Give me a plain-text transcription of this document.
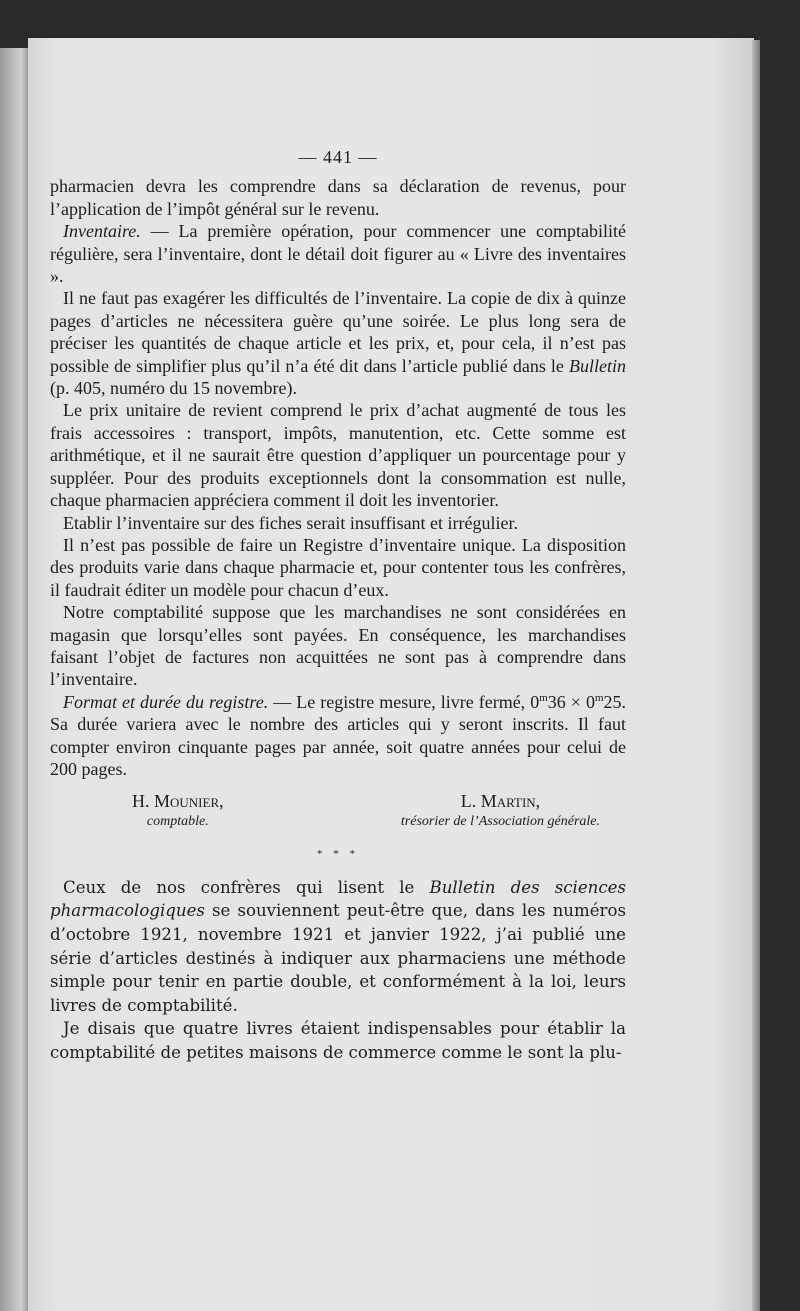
— 441 —

pharmacien devra les comprendre dans sa déclaration de revenus, pour l’application de l’impôt général sur le revenu.

Inventaire. — La première opération, pour commencer une comptabilité régulière, sera l’inventaire, dont le détail doit figurer au « Livre des inventaires ».

Il ne faut pas exagérer les difficultés de l’inventaire. La copie de dix à quinze pages d’articles ne nécessitera guère qu’une soirée. Le plus long sera de préciser les quantités de chaque article et les prix, et, pour cela, il n’est pas possible de simplifier plus qu’il n’a été dit dans l’article publié dans le Bulletin (p. 405, numéro du 15 novembre).

Le prix unitaire de revient comprend le prix d’achat augmenté de tous les frais accessoires : transport, impôts, manutention, etc. Cette somme est arithmétique, et il ne saurait être question d’appliquer un pourcentage pour y suppléer. Pour des produits exceptionnels dont la consommation est nulle, chaque pharmacien appréciera comment il doit les inventorier.

Etablir l’inventaire sur des fiches serait insuffisant et irrégulier.

Il n’est pas possible de faire un Registre d’inventaire unique. La disposition des produits varie dans chaque pharmacie et, pour contenter tous les confrères, il faudrait éditer un modèle pour chacun d’eux.

Notre comptabilité suppose que les marchandises ne sont considérées en magasin que lorsqu’elles sont payées. En conséquence, les marchandises faisant l’objet de factures non acquittées ne sont pas à comprendre dans l’inventaire.

Format et durée du registre. — Le registre mesure, livre fermé, $0^m36 \times 0^m25$. Sa durée variera avec le nombre des articles qui y seront inscrits. Il faut compter environ cinquante pages par année, soit quatre années pour celui de 200 pages.

H. Mounier,
comptable.
L. Martin,
trésorier de l’Association générale.
* * *

Ceux de nos confrères qui lisent le Bulletin des sciences pharmacologiques se souviennent peut-être que, dans les numéros d’octobre 1921, novembre 1921 et janvier 1922, j’ai publié une série d’articles destinés à indiquer aux pharmaciens une méthode simple pour tenir en partie double, et conformément à la loi, leurs livres de comptabilité.

Je disais que quatre livres étaient indispensables pour établir la comptabilité de petites maisons de commerce comme le sont la plu-
